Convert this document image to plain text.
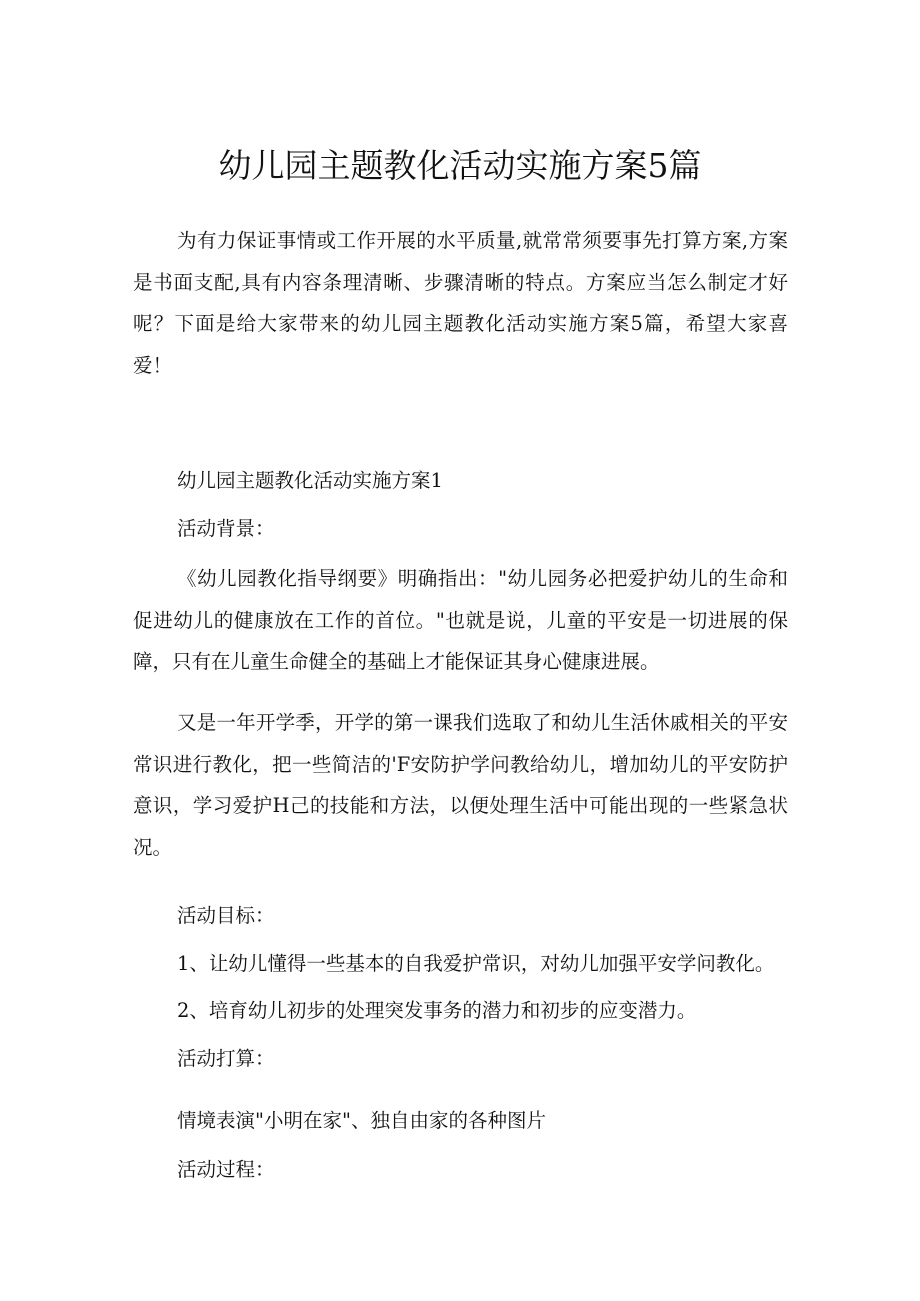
幼儿园主题教化活动实施方案5篇

为有力保证事情或工作开展的水平质量,就常常须要事先打算方案,方案是书面支配,具有内容条理清晰、步骤清晰的特点。方案应当怎么制定才好呢？下面是给大家带来的幼儿园主题教化活动实施方案5篇，希望大家喜爱！

幼儿园主题教化活动实施方案1

活动背景：

《幼儿园教化指导纲要》明确指出："幼儿园务必把爱护幼儿的生命和促进幼儿的健康放在工作的首位。"也就是说，儿童的平安是一切进展的保障，只有在儿童生命健全的基础上才能保证其身心健康进展。

又是一年开学季，开学的第一课我们选取了和幼儿生活休戚相关的平安常识进行教化，把一些简洁的'F安防护学问教给幼儿，增加幼儿的平安防护意识，学习爱护H己的技能和方法，以便处理生活中可能出现的一些紧急状况。

活动目标：

1、让幼儿懂得一些基本的自我爱护常识，对幼儿加强平安学问教化。

2、培育幼儿初步的处理突发事务的潜力和初步的应变潜力。

活动打算：

情境表演"小明在家"、独自由家的各种图片

活动过程：
